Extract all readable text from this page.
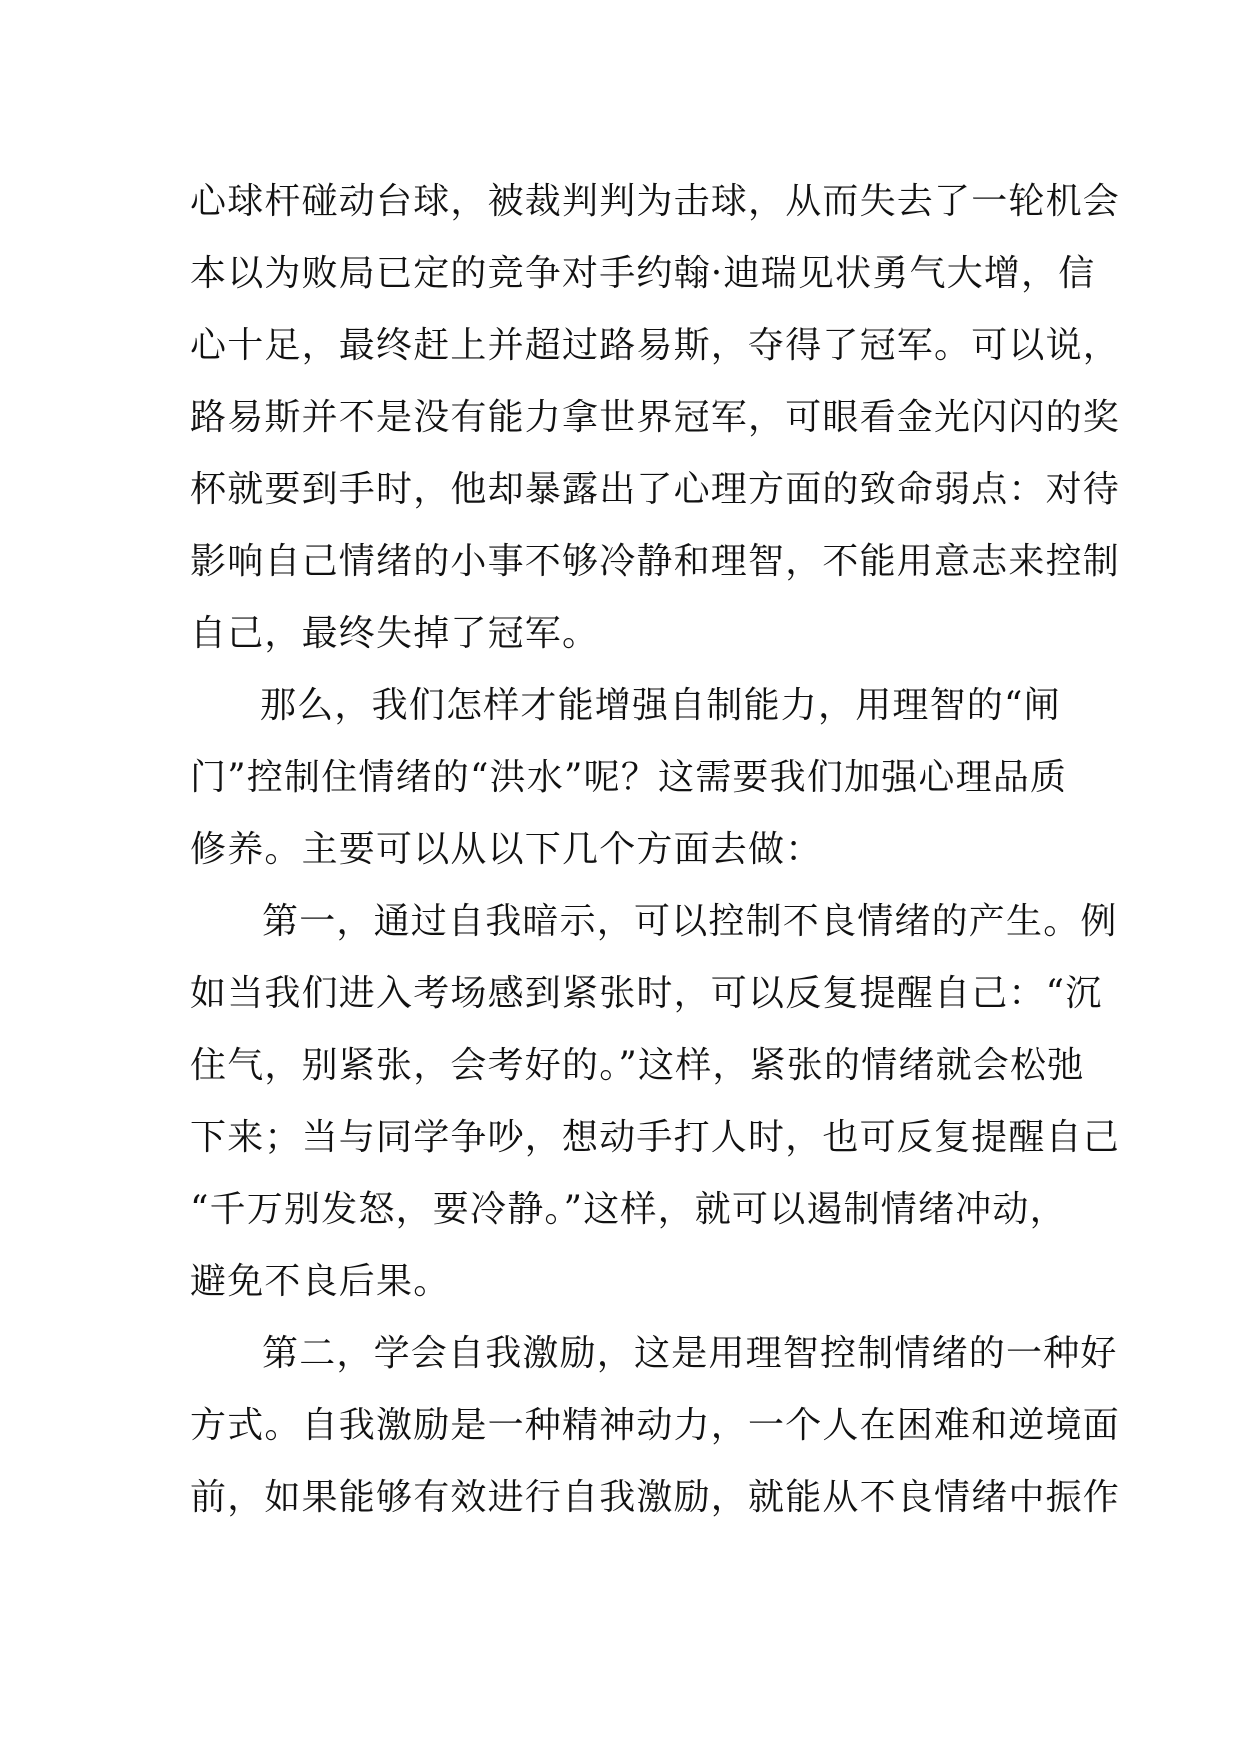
心球杆碰动台球，被裁判判为击球，从而失去了一轮机会
本以为败局已定的竞争对手约翰·迪瑞见状勇气大增，信
心十足，最终赶上并超过路易斯，夺得了冠军。可以说，
路易斯并不是没有能力拿世界冠军，可眼看金光闪闪的奖
杯就要到手时，他却暴露出了心理方面的致命弱点：对待
影响自己情绪的小事不够冷静和理智，不能用意志来控制
自己，最终失掉了冠军。
那么，我们怎样才能增强自制能力，用理智的“闸
门”控制住情绪的“洪水”呢？这需要我们加强心理品质
修养。主要可以从以下几个方面去做：
第一，通过自我暗示，可以控制不良情绪的产生。例
如当我们进入考场感到紧张时，可以反复提醒自己：“沉
住气，别紧张，会考好的。”这样，紧张的情绪就会松弛
下来；当与同学争吵，想动手打人时，也可反复提醒自己
“千万别发怒，要冷静。”这样，就可以遏制情绪冲动，
避免不良后果。
第二，学会自我激励，这是用理智控制情绪的一种好
方式。自我激励是一种精神动力，一个人在困难和逆境面
前，如果能够有效进行自我激励，就能从不良情绪中振作
